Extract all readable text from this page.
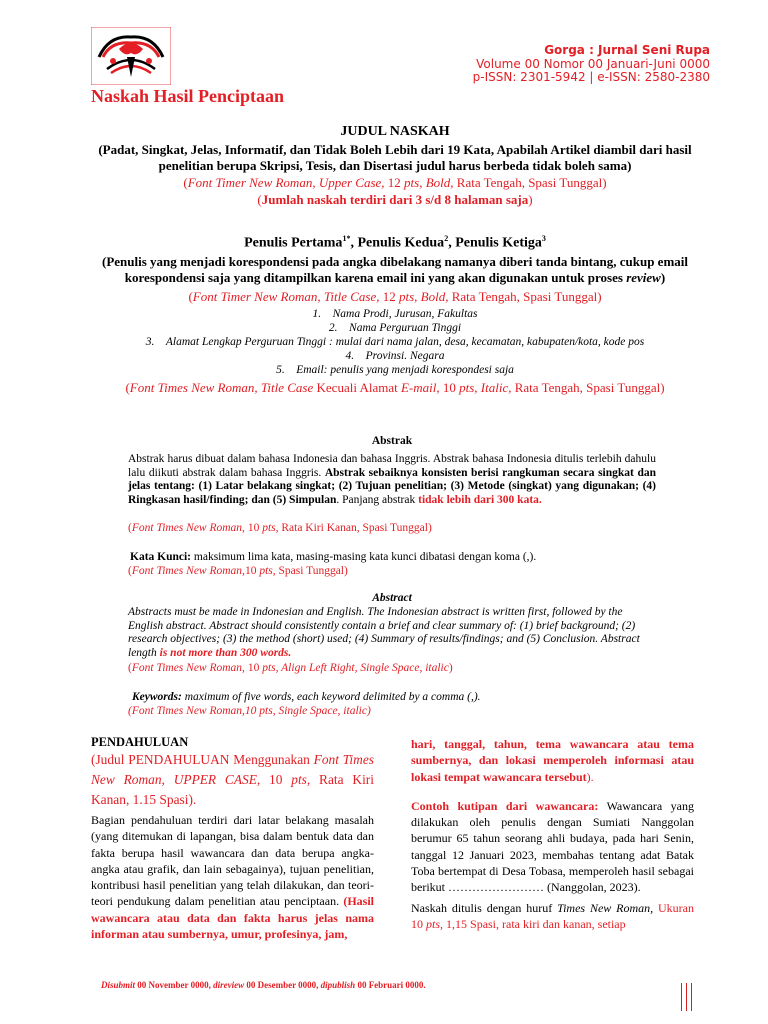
Naskah Hasil Penciptaan
Gorga : Jurnal Seni Rupa
Volume 00 Nomor 00 Januari-Juni 0000
p-ISSN: 2301-5942 | e-ISSN: 2580-2380
JUDUL NASKAH
(Padat, Singkat, Jelas, Informatif, dan Tidak Boleh Lebih dari 19 Kata, Apabilah Artikel diambil dari hasil penelitian berupa Skripsi, Tesis, dan Disertasi judul harus berbeda tidak boleh sama)
(Font Timer New Roman, Upper Case, 12 pts, Bold, Rata Tengah, Spasi Tunggal)
(Jumlah naskah terdiri dari 3 s/d 8 halaman saja)
Penulis Pertama$^{1*}$, Penulis Kedua$^2$, Penulis Ketiga$^3$
(Penulis yang menjadi korespondensi pada angka dibelakang namanya diberi tanda bintang, cukup email korespondensi saja yang ditampilkan karena email ini yang akan digunakan untuk proses review)
(Font Timer New Roman, Title Case, 12 pts, Bold, Rata Tengah, Spasi Tunggal)
1.    Nama Prodi, Jurusan, Fakultas
2.    Nama Perguruan Tinggi
3.    Alamat Lengkap Perguruan Tinggi : mulai dari nama jalan, desa, kecamatan, kabupaten/kota, kode pos
4.    Provinsi. Negara
5.    Email: penulis yang menjadi korespondesi saja
(Font Times New Roman, Title Case Kecuali Alamat E-mail, 10 pts, Italic, Rata Tengah, Spasi Tunggal)
Abstrak
Abstrak harus dibuat dalam bahasa Indonesia dan bahasa Inggris. Abstrak bahasa Indonesia ditulis terlebih dahulu lalu diikuti abstrak dalam bahasa Inggris. Abstrak sebaiknya konsisten berisi rangkuman secara singkat dan jelas tentang: (1) Latar belakang singkat; (2) Tujuan penelitian; (3) Metode (singkat) yang digunakan; (4) Ringkasan hasil/finding; dan (5) Simpulan. Panjang abstrak tidak lebih dari 300 kata.
(Font Times New Roman, 10 pts, Rata Kiri Kanan, Spasi Tunggal)
Kata Kunci: maksimum lima kata, masing-masing kata kunci dibatasi dengan koma (,).
(Font Times New Roman,10 pts, Spasi Tunggal)
Abstract
Abstracts must be made in Indonesian and English. The Indonesian abstract is written first, followed by the English abstract. Abstract should consistently contain a brief and clear summary of: (1) brief background; (2) research objectives; (3) the method (short) used; (4) Summary of results/findings; and (5) Conclusion. Abstract length is not more than 300 words.
(Font Times New Roman, 10 pts, Align Left Right, Single Space, italic)
Keywords: maximum of five words, each keyword delimited by a comma (,).
(Font Times New Roman,10 pts, Single Space, italic)
PENDAHULUAN
(Judul PENDAHULUAN Menggunakan Font Times New Roman, UPPER CASE, 10 pts, Rata Kiri Kanan, 1.15 Spasi).
Bagian pendahuluan terdiri dari latar belakang masalah (yang ditemukan di lapangan, bisa dalam bentuk data dan fakta berupa hasil wawancara dan data berupa angka-angka atau grafik, dan lain sebagainya), tujuan penelitian, kontribusi hasil penelitian yang telah dilakukan, dan teori-teori pendukung dalam penelitian atau penciptaan. (Hasil wawancara atau data dan fakta harus jelas nama informan atau sumbernya, umur, profesinya, jam,
hari, tanggal, tahun, tema wawancara atau tema sumbernya, dan lokasi memperoleh informasi atau lokasi tempat wawancara tersebut).
Contoh kutipan dari wawancara: Wawancara yang dilakukan oleh penulis dengan Sumiati Nanggolan berumur 65 tahun seorang ahli budaya, pada hari Senin, tanggal 12 Januari 2023, membahas tentang adat Batak Toba bertempat di Desa Tobasa, memperoleh hasil sebagai berikut …………………… (Nanggolan, 2023).
Naskah ditulis dengan huruf Times New Roman, Ukuran 10 pts, 1,15 Spasi, rata kiri dan kanan, setiap
Disubmit 00 November 0000, direview 00 Desember 0000, dipublish 00 Februari 0000.
